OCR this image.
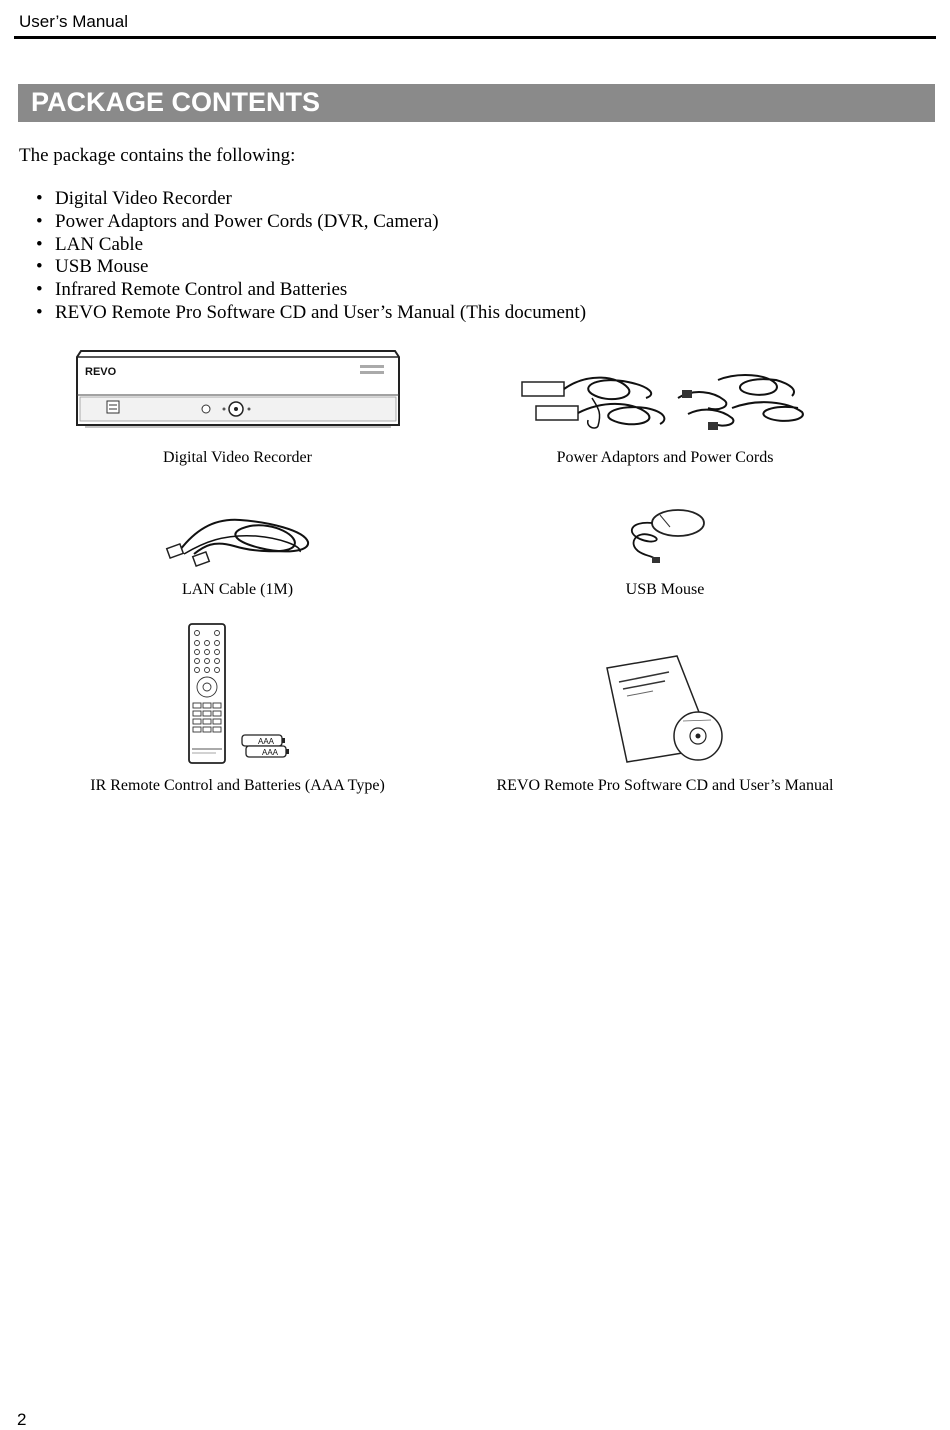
User’s Manual
PACKAGE CONTENTS
The package contains the following:
• Digital Video Recorder
• Power Adaptors and Power Cords (DVR, Camera)
• LAN Cable
• USB Mouse
• Infrared Remote Control and Batteries
• REVO Remote Pro Software CD and User’s Manual (This document)
REVO
Digital Video Recorder	Power Adaptors and Power Cords
LAN Cable (1M)	USB Mouse
AAA
AAA
IR Remote Control and Batteries (AAA Type)	REVO Remote Pro Software CD and User’s Manual
2
